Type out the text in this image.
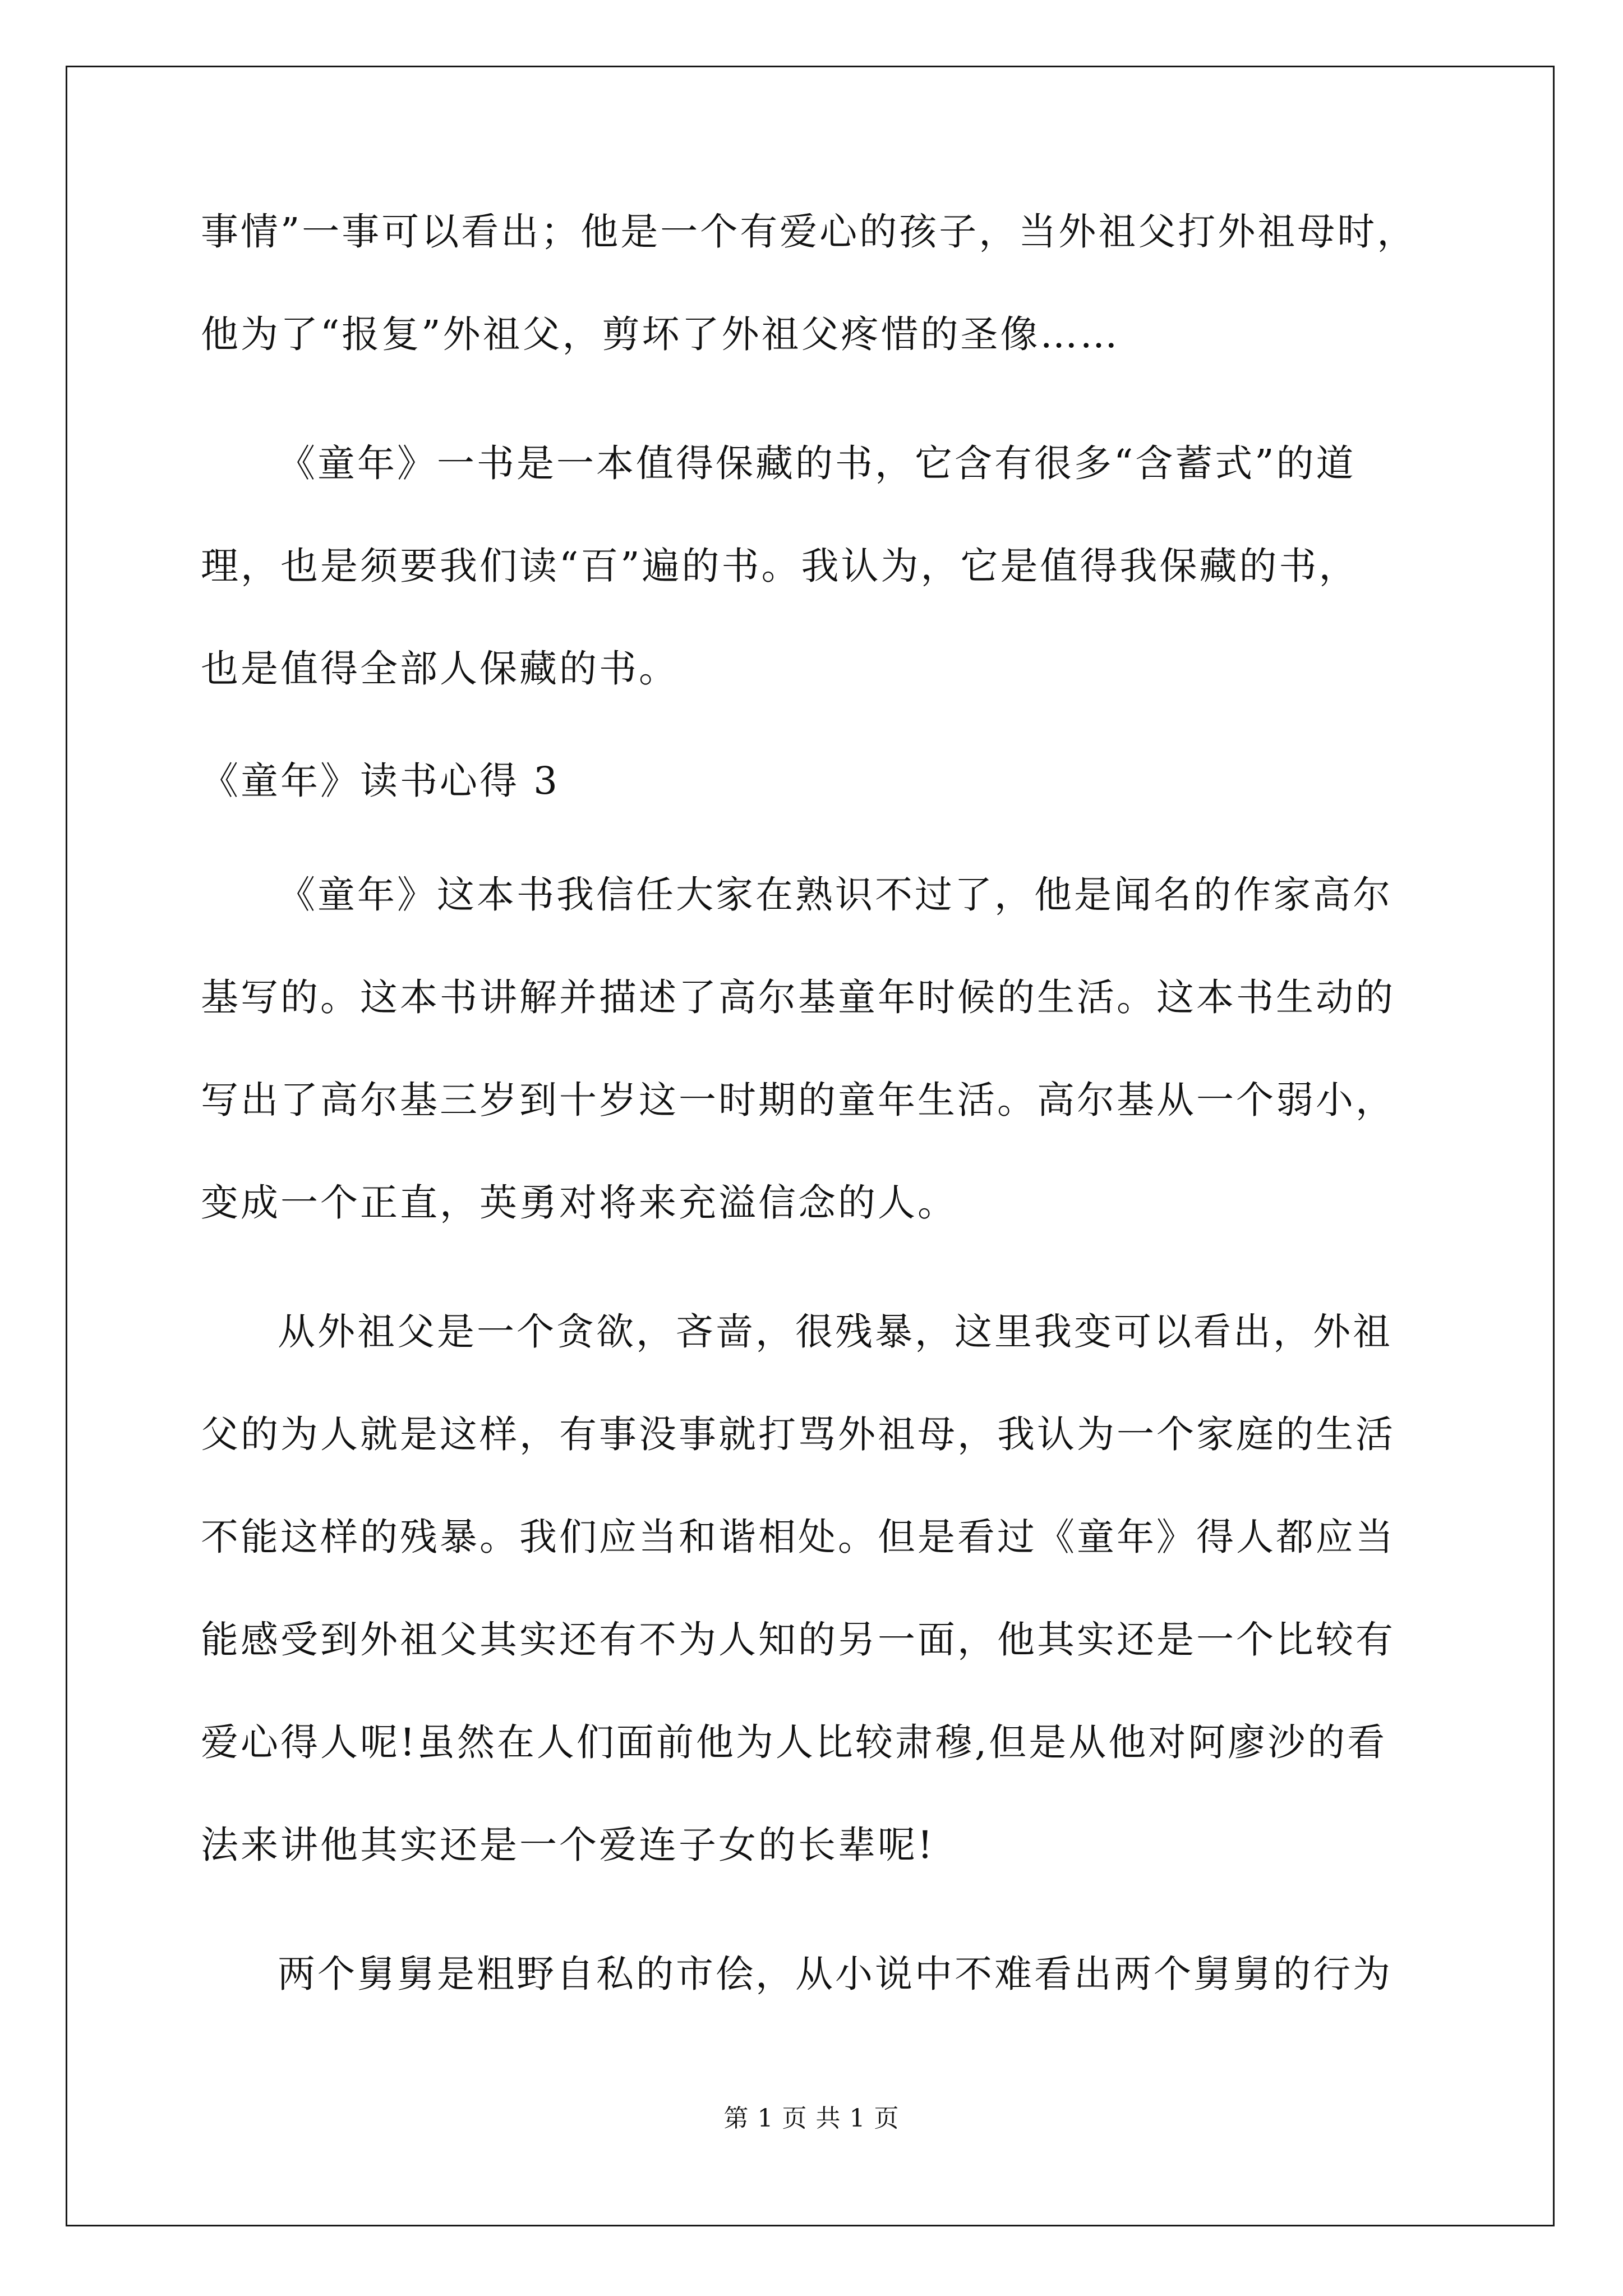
事情”一事可以看出；他是一个有爱心的孩子，当外祖父打外祖母时，
他为了“报复”外祖父，剪坏了外祖父疼惜的圣像……
《童年》一书是一本值得保藏的书，它含有很多“含蓄式”的道
理，也是须要我们读“百”遍的书。我认为，它是值得我保藏的书，
也是值得全部人保藏的书。
《童年》读书心得 3
《童年》这本书我信任大家在熟识不过了，他是闻名的作家高尔
基写的。这本书讲解并描述了高尔基童年时候的生活。这本书生动的
写出了高尔基三岁到十岁这一时期的童年生活。高尔基从一个弱小，
变成一个正直，英勇对将来充溢信念的人。
从外祖父是一个贪欲，吝啬，很残暴，这里我变可以看出，外祖
父的为人就是这样，有事没事就打骂外祖母，我认为一个家庭的生活
不能这样的残暴。我们应当和谐相处。但是看过《童年》得人都应当
能感受到外祖父其实还有不为人知的另一面，他其实还是一个比较有
爱心得人呢!虽然在人们面前他为人比较肃穆,但是从他对阿廖沙的看
法来讲他其实还是一个爱连子女的长辈呢!
两个舅舅是粗野自私的市侩，从小说中不难看出两个舅舅的行为
第 1 页 共 1 页
